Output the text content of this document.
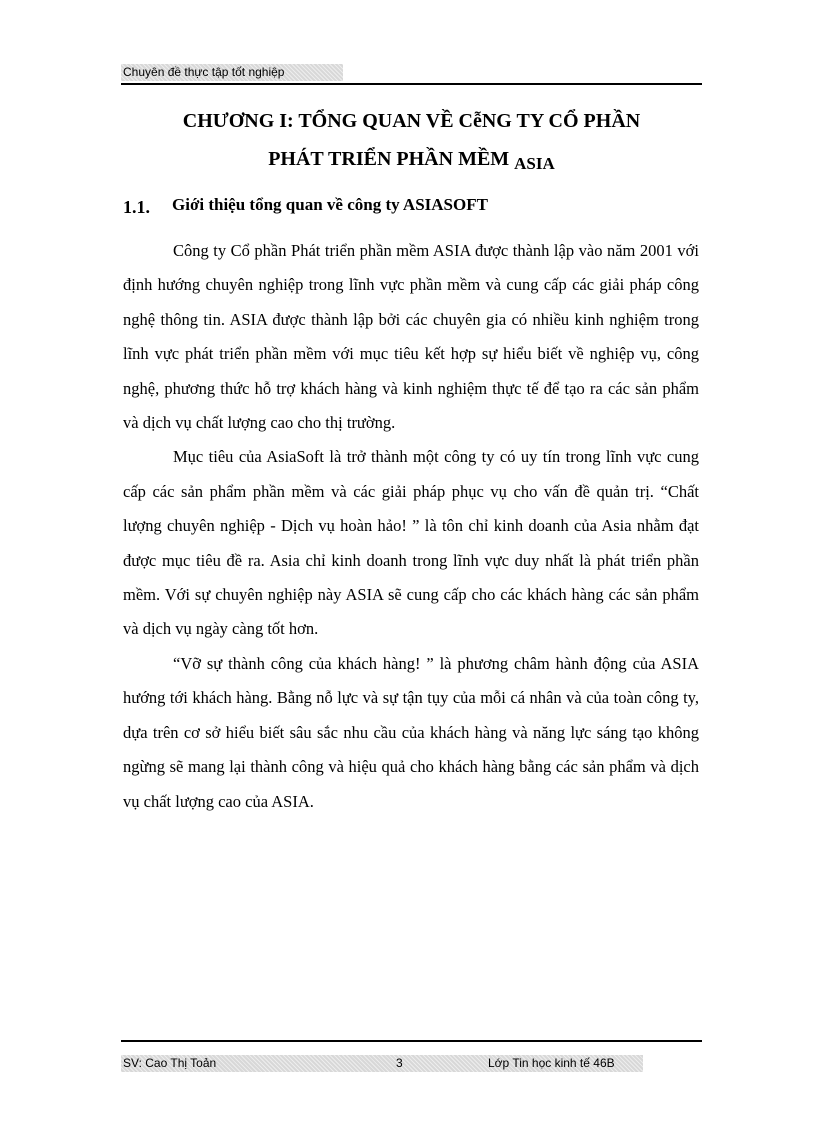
Chuyên đề thực tập tốt nghiệp
CHƯƠNG I: TỔNG QUAN VỀ CễNG TY CỔ PHẦN
PHÁT TRIỂN PHẦN MỀM $_{ASIA}$
1.1. Giới thiệu tổng quan về công ty ASIASOFT

Công ty Cổ phần Phát triển phần mềm ASIA được thành lập vào năm 2001 với định hướng chuyên nghiệp trong lĩnh vực phần mềm và cung cấp các giải pháp công nghệ thông tin. ASIA được thành lập bởi các chuyên gia có nhiều kinh nghiệm trong lĩnh vực phát triển phần mềm với mục tiêu kết hợp sự hiểu biết về nghiệp vụ, công nghệ, phương thức hỗ trợ khách hàng và kinh nghiệm thực tế để tạo ra các sản phẩm và dịch vụ chất lượng cao cho thị trường.

Mục tiêu của AsiaSoft là trở thành một công ty có uy tín trong lĩnh vực cung cấp các sản phẩm phần mềm và các giải pháp phục vụ cho vấn đề quản trị. “Chất lượng chuyên nghiệp - Dịch vụ hoàn hảo! ” là tôn chỉ kinh doanh của Asia nhằm đạt được mục tiêu đề ra. Asia chỉ kinh doanh trong lĩnh vực duy nhất là phát triển phần mềm. Với sự chuyên nghiệp này ASIA sẽ cung cấp cho các khách hàng các sản phẩm và dịch vụ ngày càng tốt hơn.

“Vỡ sự thành công của khách hàng! ” là phương châm hành động của ASIA hướng tới khách hàng. Bằng nỗ lực và sự tận tụy của mỗi cá nhân và của toàn công ty, dựa trên cơ sở hiểu biết sâu sắc nhu cầu của khách hàng và năng lực sáng tạo không ngừng sẽ mang lại thành công và hiệu quả cho khách hàng bằng các sản phẩm và dịch vụ chất lượng cao của ASIA.

SV: Cao Thị Toản	3	Lớp Tin học kinh tế 46B
